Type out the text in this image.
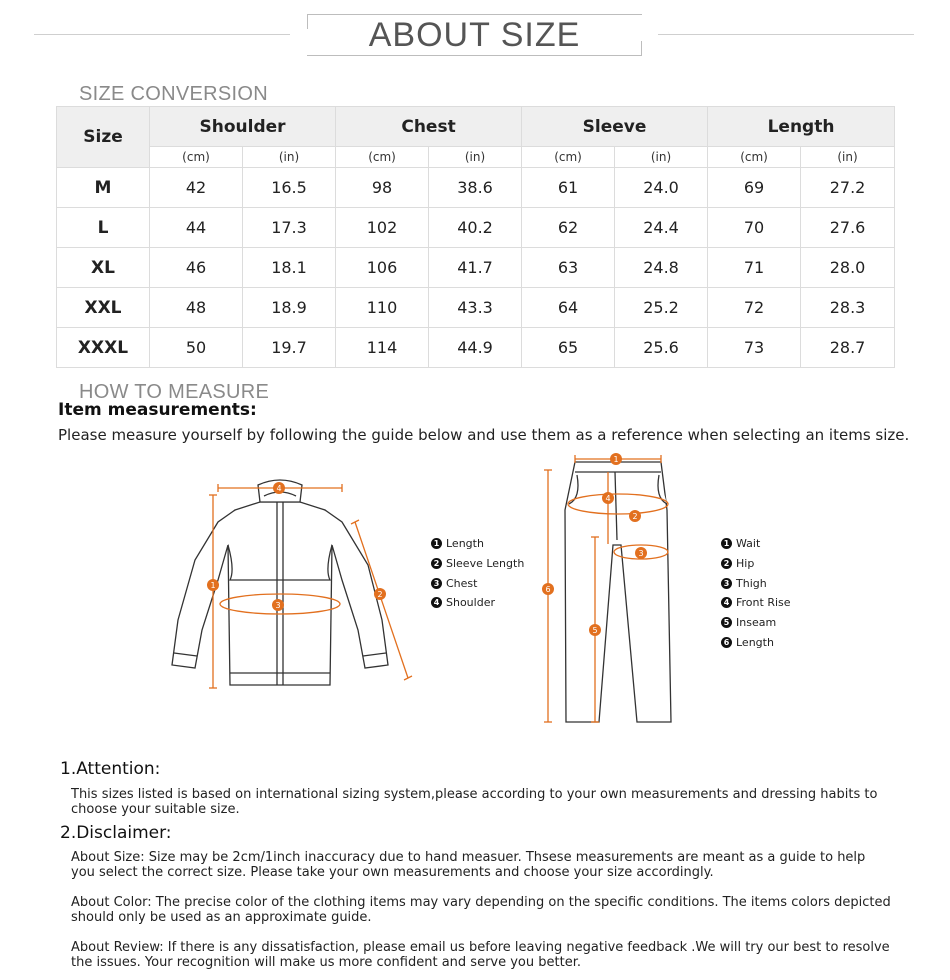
ABOUT SIZE
SIZE CONVERSION
Size	Shoulder		Chest		Sleeve		Length	
	(cm)	(in)	(cm)	(in)	(cm)	(in)	(cm)	(in)
M	42	16.5	98	38.6	61	24.0	69	27.2
L	44	17.3	102	40.2	62	24.4	70	27.6
XL	46	18.1	106	41.7	63	24.8	71	28.0
XXL	48	18.9	110	43.3	64	25.2	72	28.3
XXXL	50	19.7	114	44.9	65	25.6	73	28.7
HOW TO MEASURE
Item measurements:
Please measure yourself by following the guide below and use them as a reference when selecting an items size.
4
1
3
2
1 Length
2 Sleeve Length
3 Chest
4 Shoulder
1
2
3
4
5
6
1 Wait
2 Hip
3 Thigh
4 Front Rise
5 Inseam
6 Length
1.Attention:
This sizes listed is based on international sizing system,please according to your own measurements and dressing habits to choose your suitable size.
2.Disclaimer:
About Size: Size may be 2cm/1inch inaccuracy due to hand measuer. Thsese measurements are meant as a guide to help you select the correct size. Please take your own measurements and choose your size accordingly.
About Color: The precise color of the clothing items may vary depending on the specific conditions. The items colors depicted should only be used as an approximate guide.
About Review: If there is any dissatisfaction, please email us before leaving negative feedback .We will try our best to resolve the issues. Your recognition will make us more confident and serve you better.
